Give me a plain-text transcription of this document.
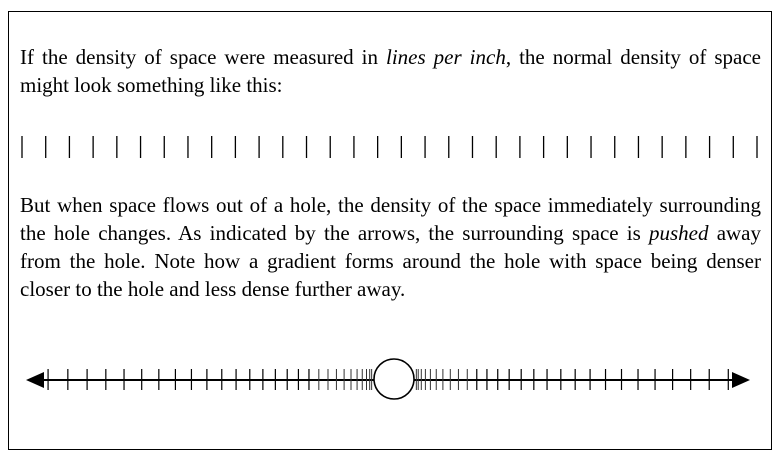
If the density of space were measured in lines per inch, the normal density of space might look something like this:

But when space flows out of a hole, the density of the space immediately surrounding the hole changes. As indicated by the arrows, the surrounding space is pushed away from the hole. Note how a gradient forms around the hole with space being denser closer to the hole and less dense further away.
